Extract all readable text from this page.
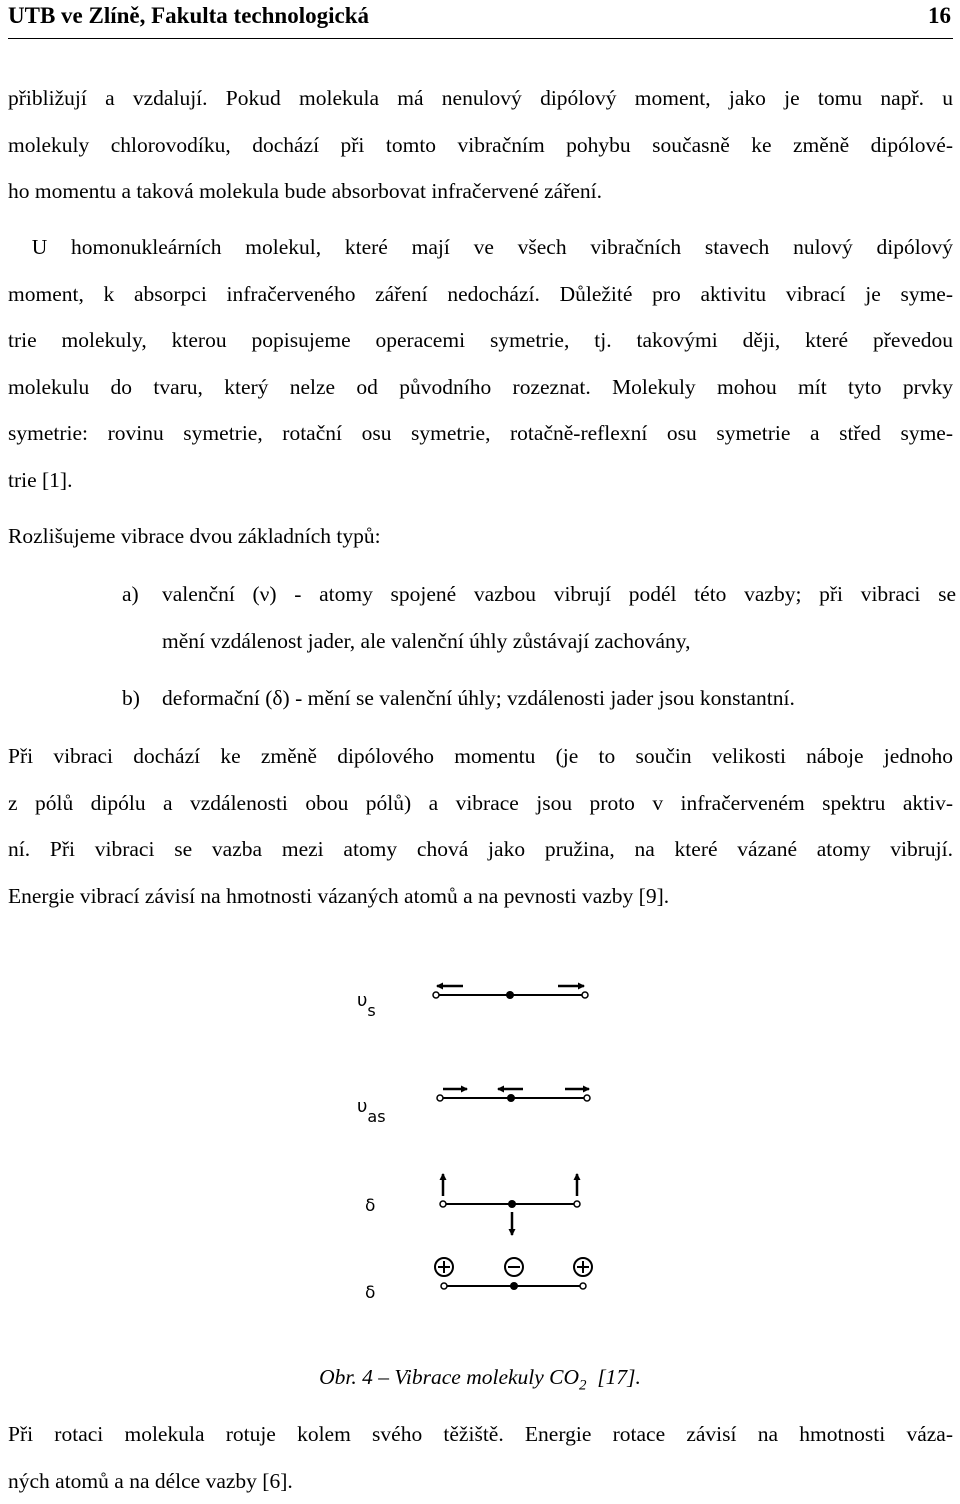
UTB ve Zlíně, Fakulta technologická	16
přibližují a vzdalují. Pokud molekula má nenulový dipólový moment, jako je tomu např. u
molekuly chlorovodíku, dochází při tomto vibračním pohybu současně ke změně dipólové-
ho momentu a taková molekula bude absorbovat infračervené záření.
U homonukleárních molekul, které mají ve všech vibračních stavech nulový dipólový
moment, k absorpci infračerveného záření nedochází. Důležité pro aktivitu vibrací je syme-
trie molekuly, kterou popisujeme operacemi symetrie, tj. takovými ději, které převedou
molekulu do tvaru, který nelze od původního rozeznat. Molekuly mohou mít tyto prvky
symetrie: rovinu symetrie, rotační osu symetrie, rotačně-reflexní osu symetrie a střed syme-
trie [1].
Rozlišujeme vibrace dvou základních typů:
a) valenční (ν) - atomy spojené vazbou vibrují podél této vazby; při vibraci se
mění vzdálenost jader, ale valenční úhly zůstávají zachovány,
b) deformační (δ) - mění se valenční úhly; vzdálenosti jader jsou konstantní.
Při vibraci dochází ke změně dipólového momentu (je to součin velikosti náboje jednoho
z pólů dipólu a vzdálenosti obou pólů) a vibrace jsou proto v infračerveném spektru aktiv-
ní. Při vibraci se vazba mezi atomy chová jako pružina, na které vázané atomy vibrují.
Energie vibrací závisí na hmotnosti vázaných atomů a na pevnosti vazby [9].
υs
υas
δ
δ
Obr. 4 – Vibrace molekuly $CO_2$  [17].
Při rotaci molekula rotuje kolem svého těžiště. Energie rotace závisí na hmotnosti váza-
ných atomů a na délce vazby [6].
